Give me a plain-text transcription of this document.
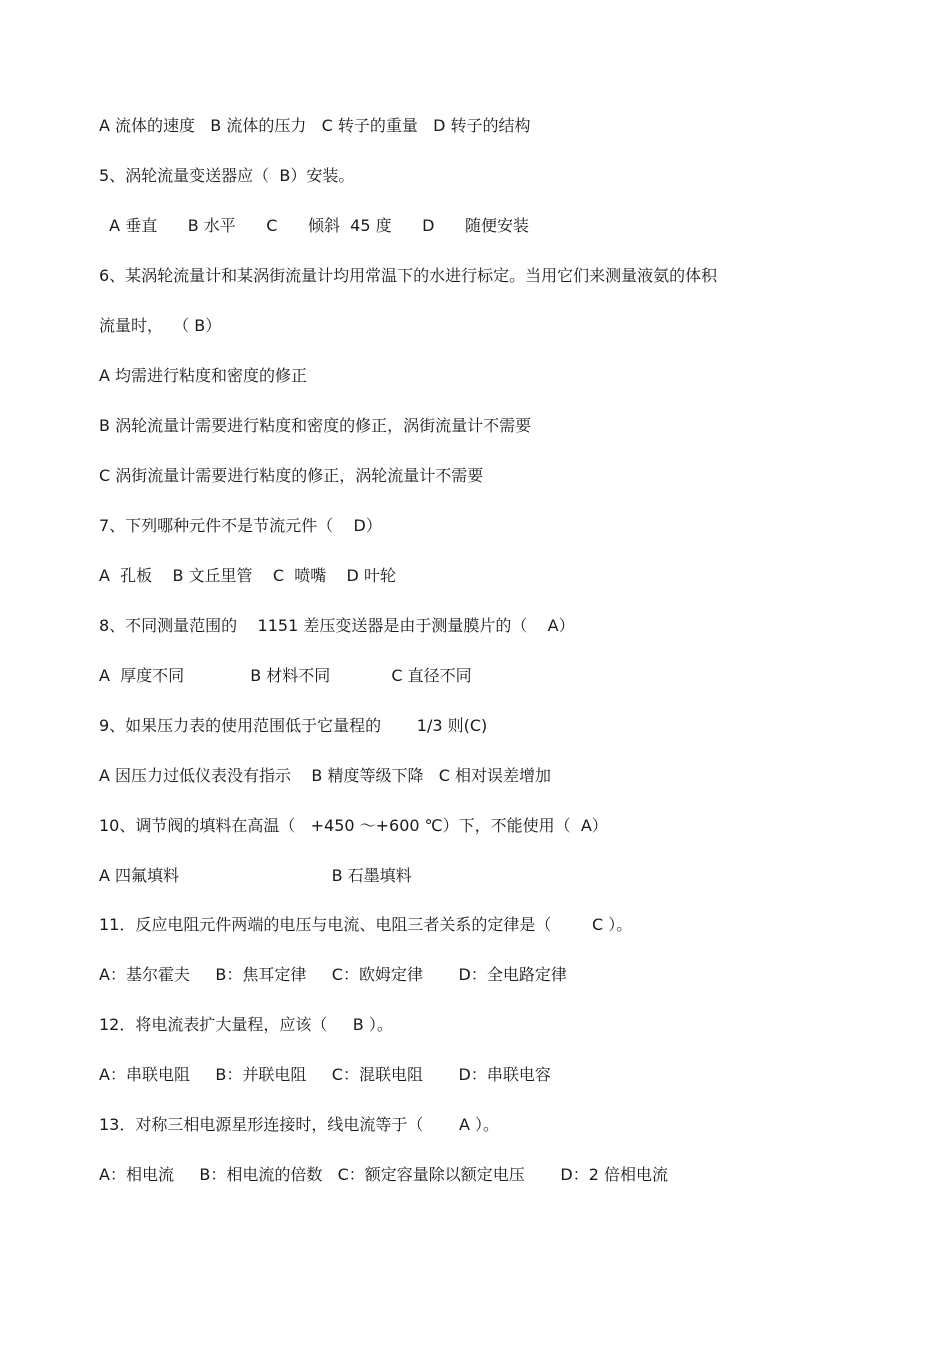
A 流体的速度   B 流体的压力   C 转子的重量   D 转子的结构
5、涡轮流量变送器应（  B）安装。
A 垂直      B 水平      C      倾斜  45 度      D      随便安装
6、某涡轮流量计和某涡街流量计均用常温下的水进行标定。当用它们来测量液氨的体积
流量时，  （ B）
A 均需进行粘度和密度的修正
B 涡轮流量计需要进行粘度和密度的修正，涡街流量计不需要
C 涡街流量计需要进行粘度的修正，涡轮流量计不需要
7、下列哪种元件不是节流元件（    D）
A  孔板    B 文丘里管    C  喷嘴    D 叶轮
8、不同测量范围的    1151 差压变送器是由于测量膜片的（    A）
A  厚度不同             B 材料不同            C 直径不同
9、如果压力表的使用范围低于它量程的       1/3 则(C)
A 因压力过低仪表没有指示    B 精度等级下降   C 相对误差增加
10、调节阀的填料在高温（   +450 ～+600 ℃）下，不能使用（  A）
A 四氟填料                              B 石墨填料
11．反应电阻元件两端的电压与电流、电阻三者关系的定律是（        C ）。
A：基尔霍夫     B：焦耳定律     C：欧姆定律       D：全电路定律
12．将电流表扩大量程，应该（     B ）。
A：串联电阻     B：并联电阻     C：混联电阻       D：串联电容
13．对称三相电源星形连接时，线电流等于（       A ）。
A：相电流     B：相电流的倍数   C：额定容量除以额定电压       D：2 倍相电流
